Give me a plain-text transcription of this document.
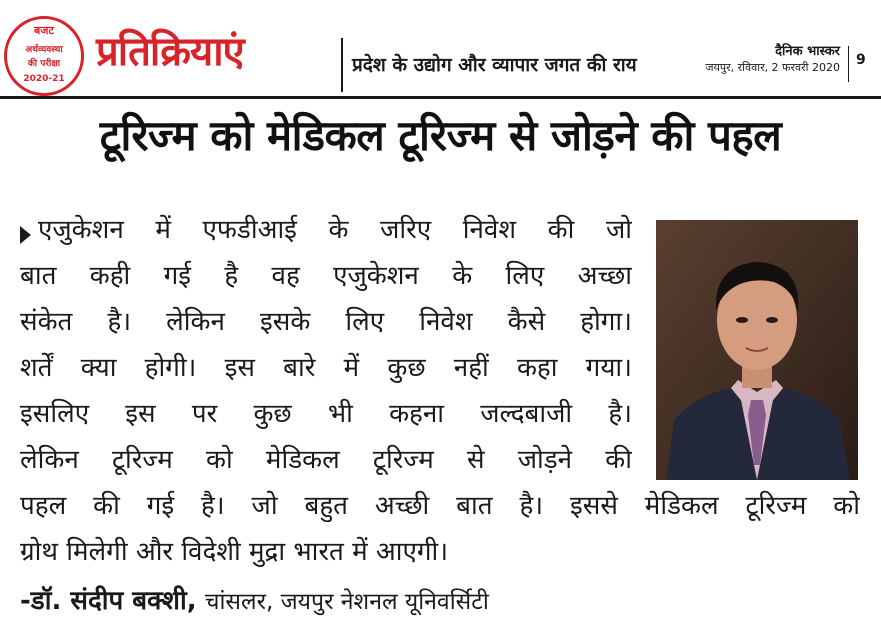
बजट
अर्थव्यवस्था
की परीक्षा
2020-21
प्रतिक्रियाएं	प्रदेश के उद्योग और व्यापार जगत की राय
दैनिक भास्कर
जयपुर, रविवार, 2 फरवरी 2020 9
टूरिज्म को मेडिकल टूरिज्म से जोड़ने की पहल
एजुकेशन में एफडीआई के जरिए निवेश की जो
बात कही गई है वह एजुकेशन के लिए अच्छा
संकेत है। लेकिन इसके लिए निवेश कैसे होगा।
शर्तें क्या होगी। इस बारे में कुछ नहीं कहा गया।
इसलिए इस पर कुछ भी कहना जल्दबाजी है।
लेकिन टूरिज्म को मेडिकल टूरिज्म से जोड़ने की
पहल की गई है। जो बहुत अच्छी बात है। इससे मेडिकल टूरिज्म को
ग्रोथ मिलेगी और विदेशी मुद्रा भारत में आएगी।
-डॉ. संदीप बक्शी, चांसलर, जयपुर नेशनल यूनिवर्सिटी
